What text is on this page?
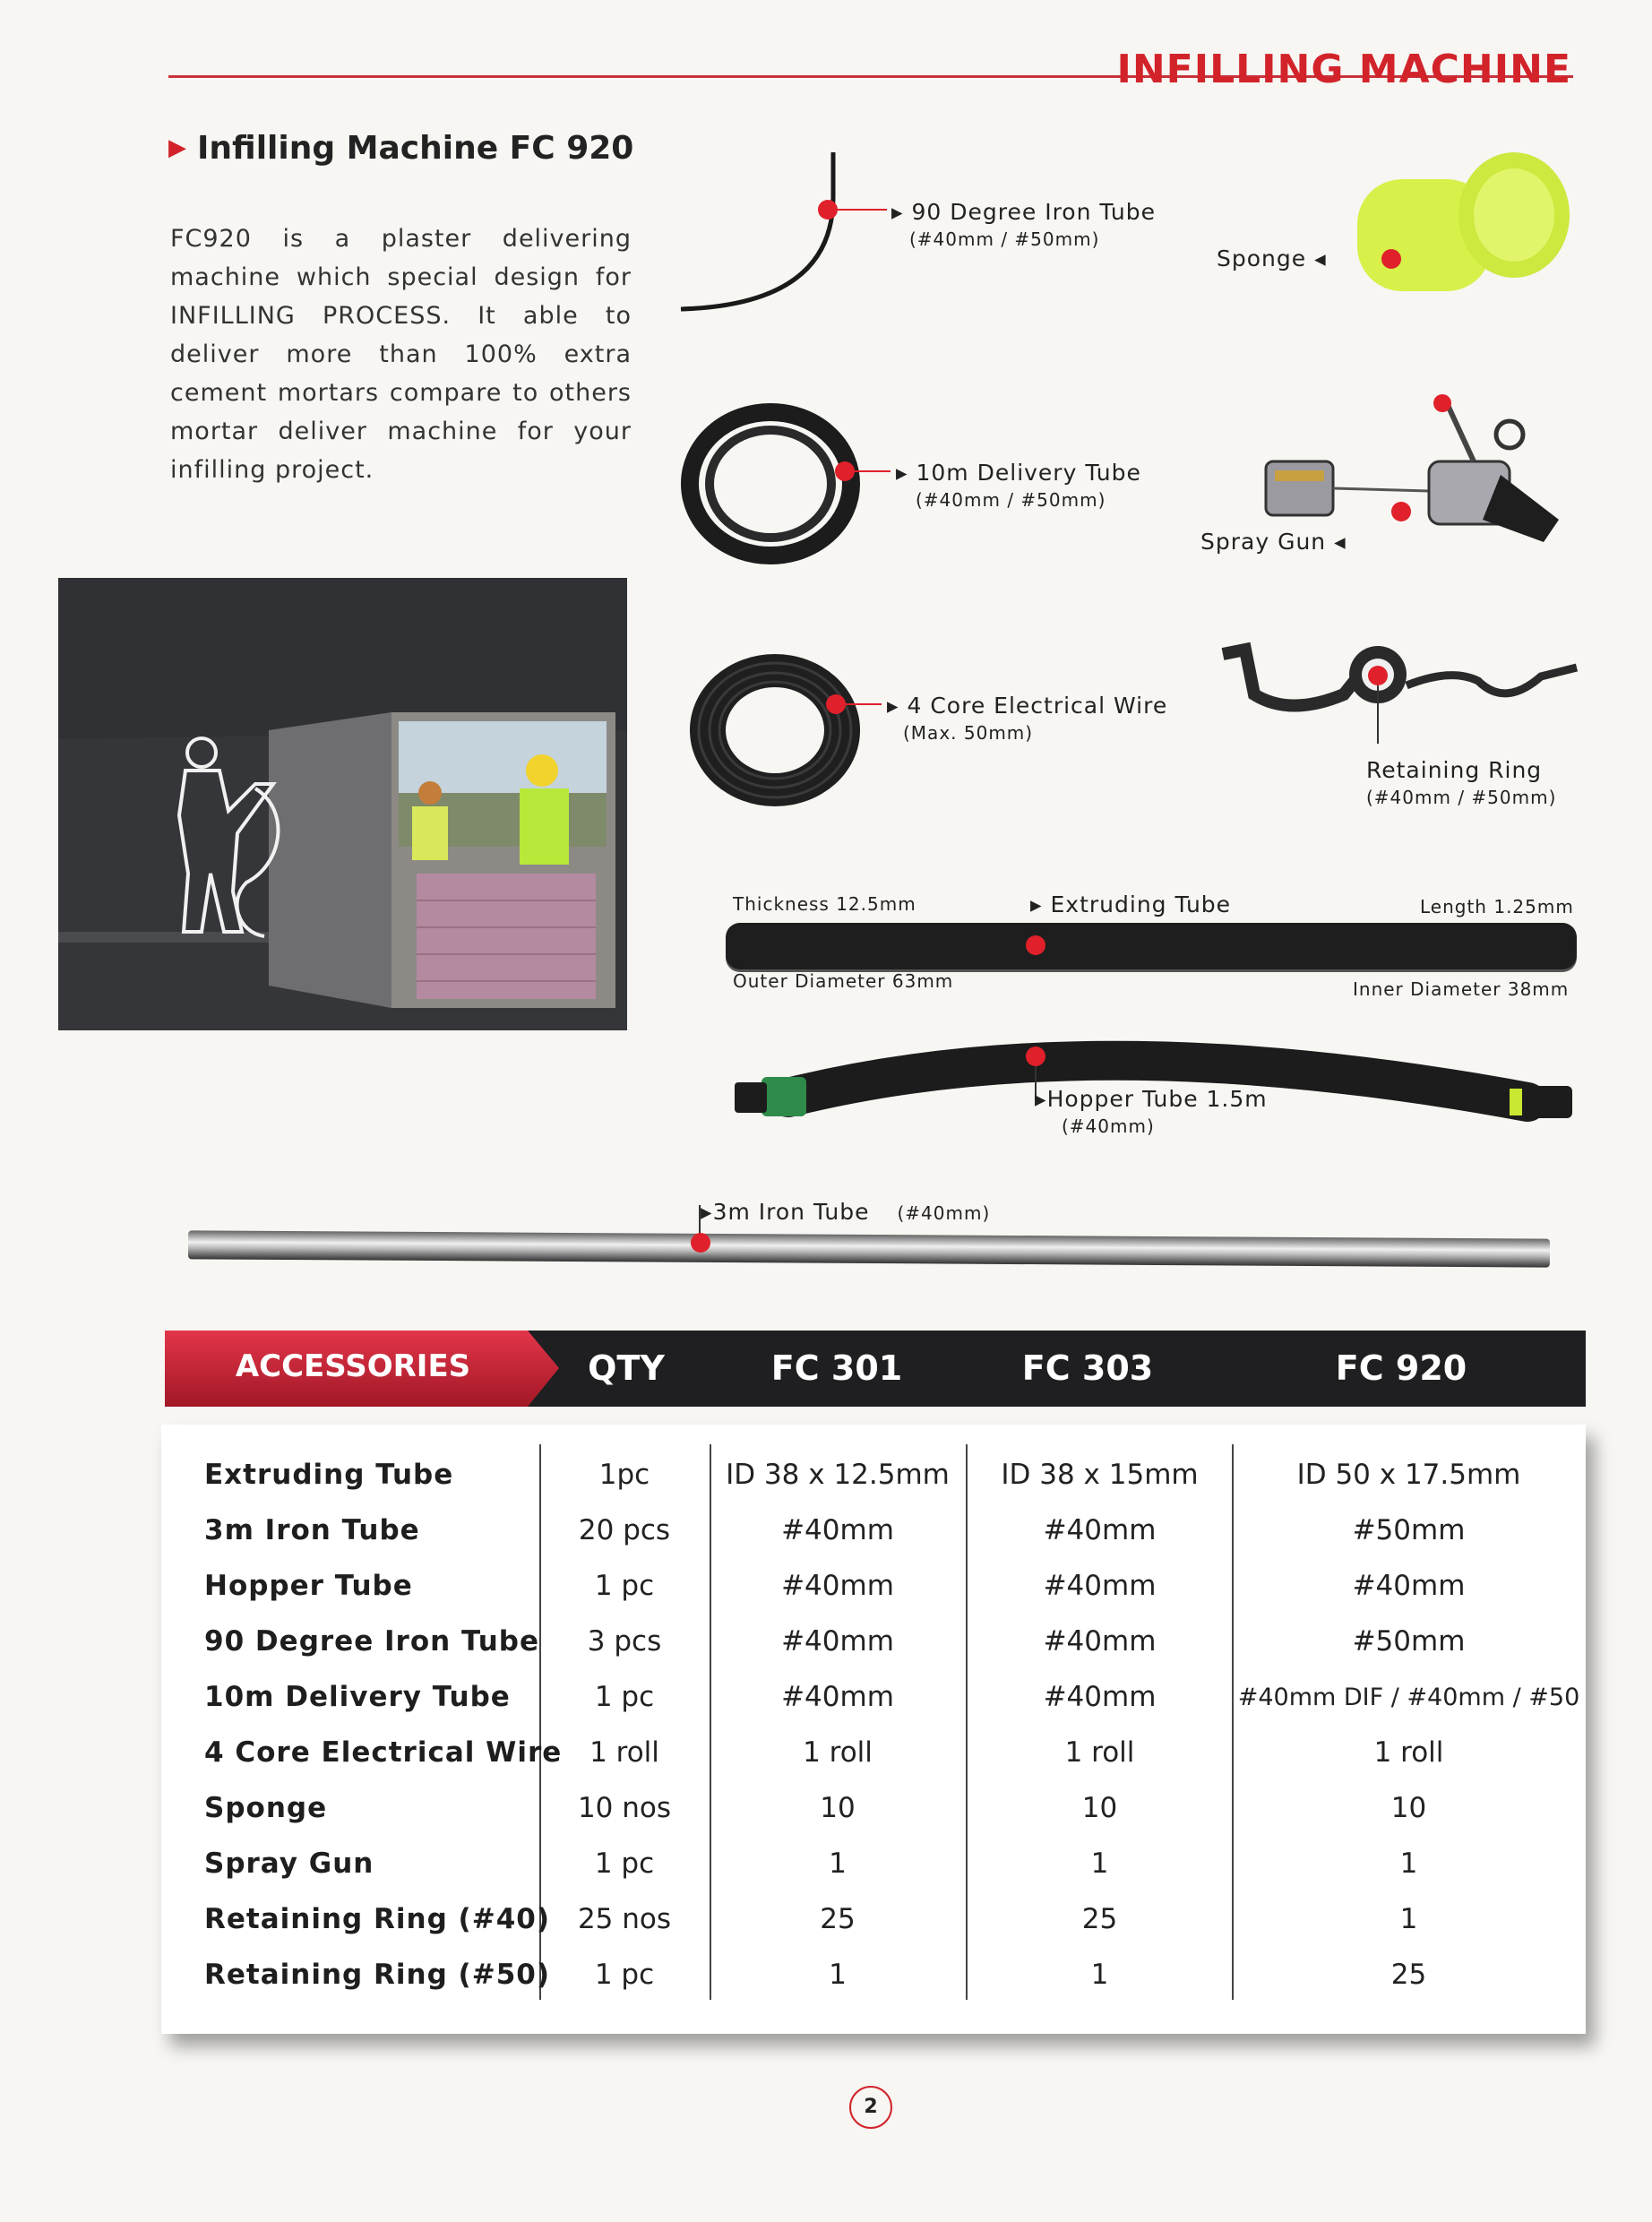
INFILLING MACHINE
▶ Infilling Machine FC 920
FC920 is a plaster delivering machine which special design for INFILLING PROCESS. It able to deliver more than 100% extra cement mortars compare to others mortar deliver machine for your infilling project.
▸ 90 Degree Iron Tube
(#40mm / #50mm)
Sponge ◂
▸ 10m Delivery Tube
(#40mm / #50mm)
Spray Gun ◂
▸ 4 Core Electrical Wire
(Max. 50mm)
Retaining Ring
(#40mm / #50mm)
Thickness 12.5mm	▸ Extruding Tube	Length 1.25mm
Outer Diameter 63mm	Inner Diameter 38mm
▸Hopper Tube 1.5m
(#40mm)
▸3m Iron Tube (#40mm)
ACCESSORIES	QTY	FC 301	FC 303	FC 920
Extruding Tube	1pc	ID 38 x 12.5mm	ID 38 x 15mm	ID 50 x 17.5mm
3m Iron Tube	20 pcs	#40mm	#40mm	#50mm
Hopper Tube	1 pc	#40mm	#40mm	#40mm
90 Degree Iron Tube	3 pcs	#40mm	#40mm	#50mm
10m Delivery Tube	1 pc	#40mm	#40mm	#40mm DIF / #40mm / #50
4 Core Electrical Wire 1 roll	1 roll	1 roll	1 roll
Sponge	10 nos	10	10	10
Spray Gun	1 pc	1	1	1
Retaining Ring (#40) 25 nos	25	25	1
Retaining Ring (#50)	1 pc	1	1	25
2
